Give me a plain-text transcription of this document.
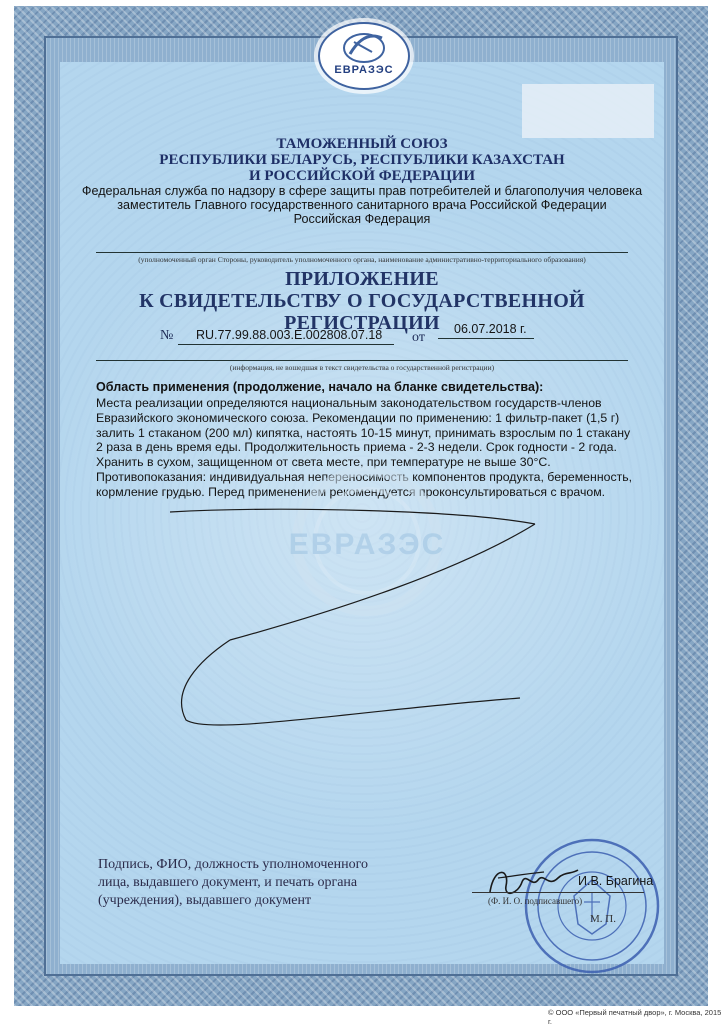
ЕВРАЗЭС
ТАМОЖЕННЫЙ СОЮЗ
РЕСПУБЛИКИ БЕЛАРУСЬ, РЕСПУБЛИКИ КАЗАХСТАН
И РОССИЙСКОЙ ФЕДЕРАЦИИ
Федеральная служба по надзору в сфере защиты прав потребителей и благополучия человека
заместитель Главного государственного санитарного врача Российской Федерации
Российская Федерация
(уполномоченный орган Стороны, руководитель уполномоченного органа, наименование административно-территориального образования)
ПРИЛОЖЕНИЕ
К СВИДЕТЕЛЬСТВУ О ГОСУДАРСТВЕННОЙ РЕГИСТРАЦИИ
№ RU.77.99.88.003.E.002808.07.18 от
06.07.2018 г.
(информация, не вошедшая в текст свидетельства о государственной регистрации)
Область применения (продолжение, начало на бланке свидетельства):
Места реализации определяются национальным законодательством государств-членов Евразийского экономического союза. Рекомендации по применению: 1 фильтр-пакет (1,5 г) залить 1 стаканом (200 мл) кипятка, настоять 10-15 минут, принимать взрослым по 1 стакану 2 раза в день время еды. Продолжительность приема - 2-3 недели. Срок годности - 2 года. Хранить в сухом, защищенном от света месте, при температуре не выше 30°С. Противопоказания: индивидуальная непереносимость компонентов продукта, беременность, кормление грудью. Перед применением рекомендуется проконсультироваться с врачом.
ЕВРАЗЭС
Подпись, ФИО, должность уполномоченного
лица, выдавшего документ, и печать органа
(учреждения), выдавшего документ
И.В. Брагина
(Ф. И. О. подписавшего)
М. П.
© ООО «Первый печатный двор», г. Москва, 2015 г.
